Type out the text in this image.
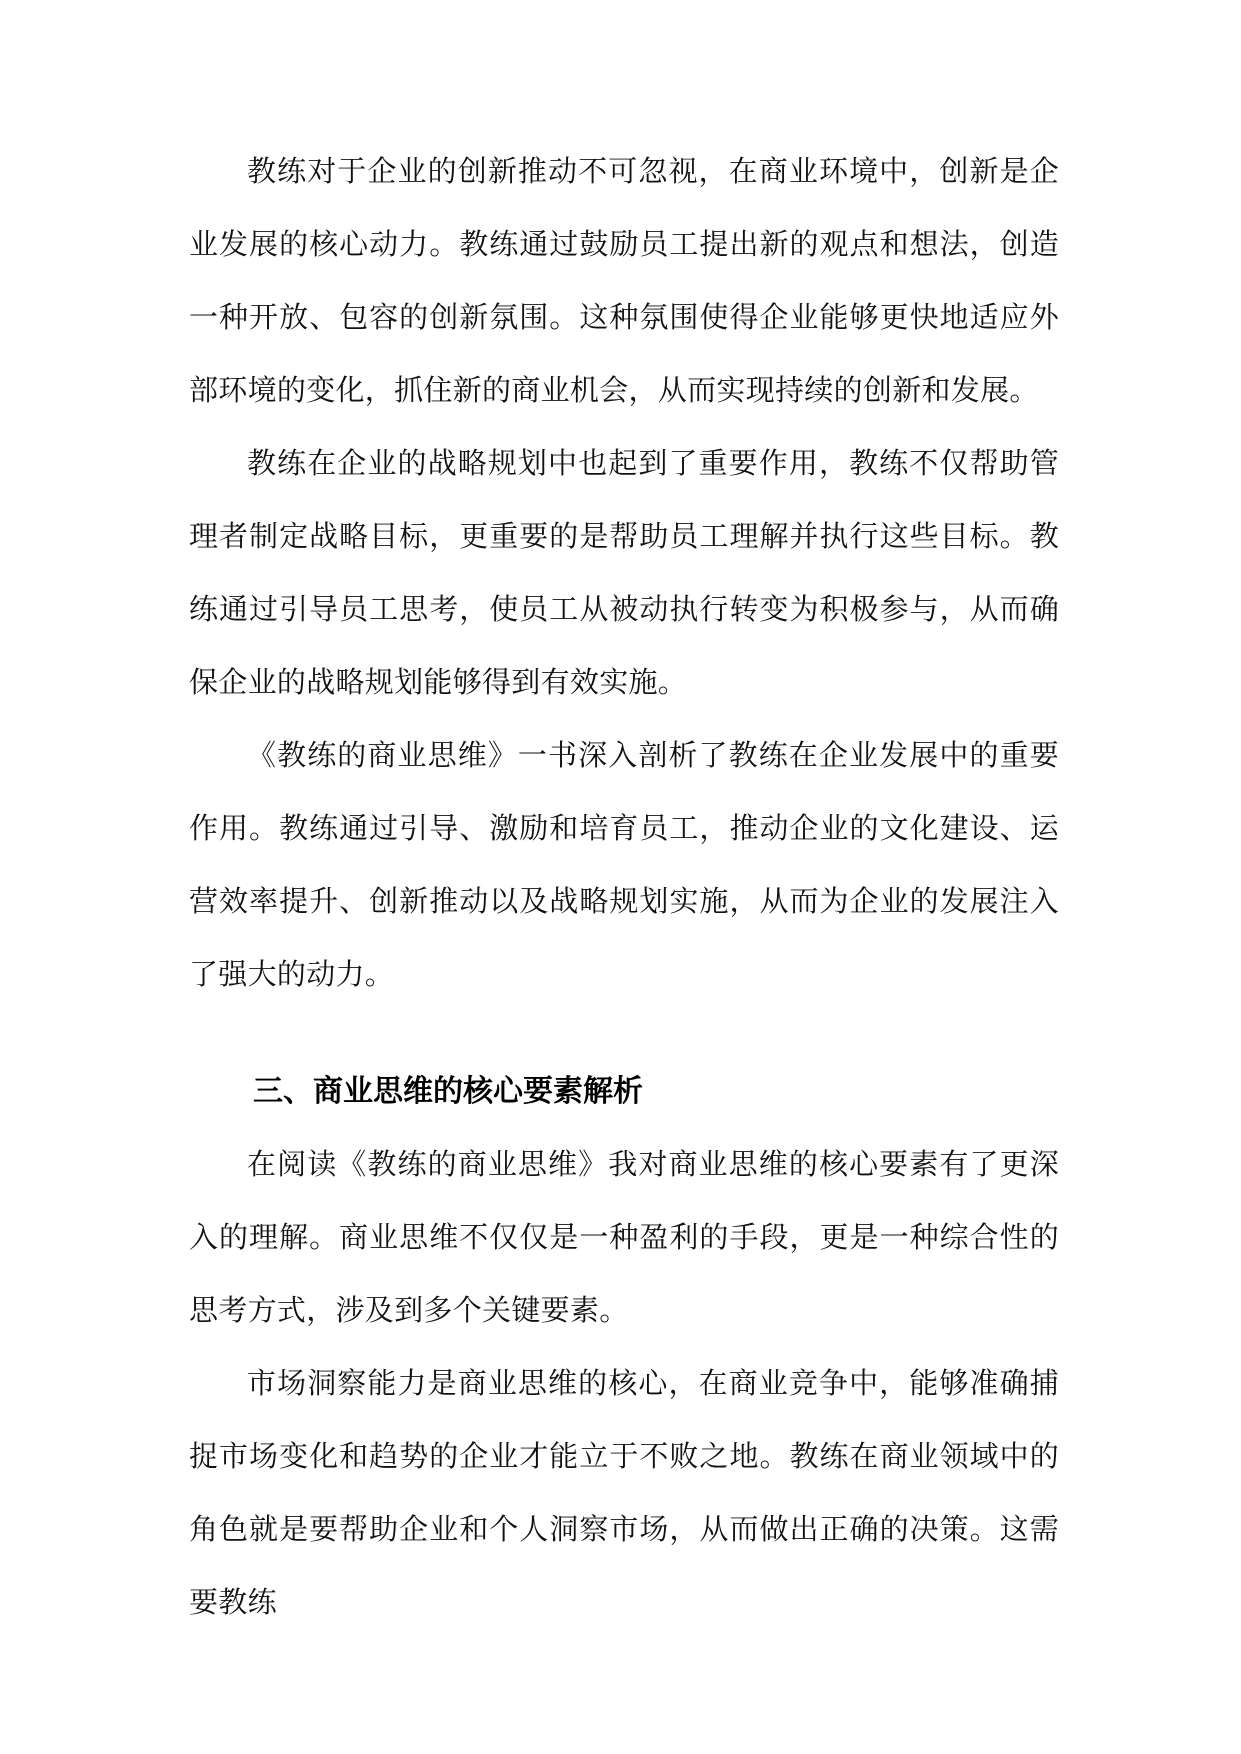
教练对于企业的创新推动不可忽视，在商业环境中，创新是企业发展的核心动力。教练通过鼓励员工提出新的观点和想法，创造一种开放、包容的创新氛围。这种氛围使得企业能够更快地适应外部环境的变化，抓住新的商业机会，从而实现持续的创新和发展。

教练在企业的战略规划中也起到了重要作用，教练不仅帮助管理者制定战略目标，更重要的是帮助员工理解并执行这些目标。教练通过引导员工思考，使员工从被动执行转变为积极参与，从而确保企业的战略规划能够得到有效实施。

《教练的商业思维》一书深入剖析了教练在企业发展中的重要作用。教练通过引导、激励和培育员工，推动企业的文化建设、运营效率提升、创新推动以及战略规划实施，从而为企业的发展注入了强大的动力。

三、商业思维的核心要素解析

在阅读《教练的商业思维》我对商业思维的核心要素有了更深入的理解。商业思维不仅仅是一种盈利的手段，更是一种综合性的思考方式，涉及到多个关键要素。

市场洞察能力是商业思维的核心，在商业竞争中，能够准确捕捉市场变化和趋势的企业才能立于不败之地。教练在商业领域中的角色就是要帮助企业和个人洞察市场，从而做出正确的决策。这需要教练
